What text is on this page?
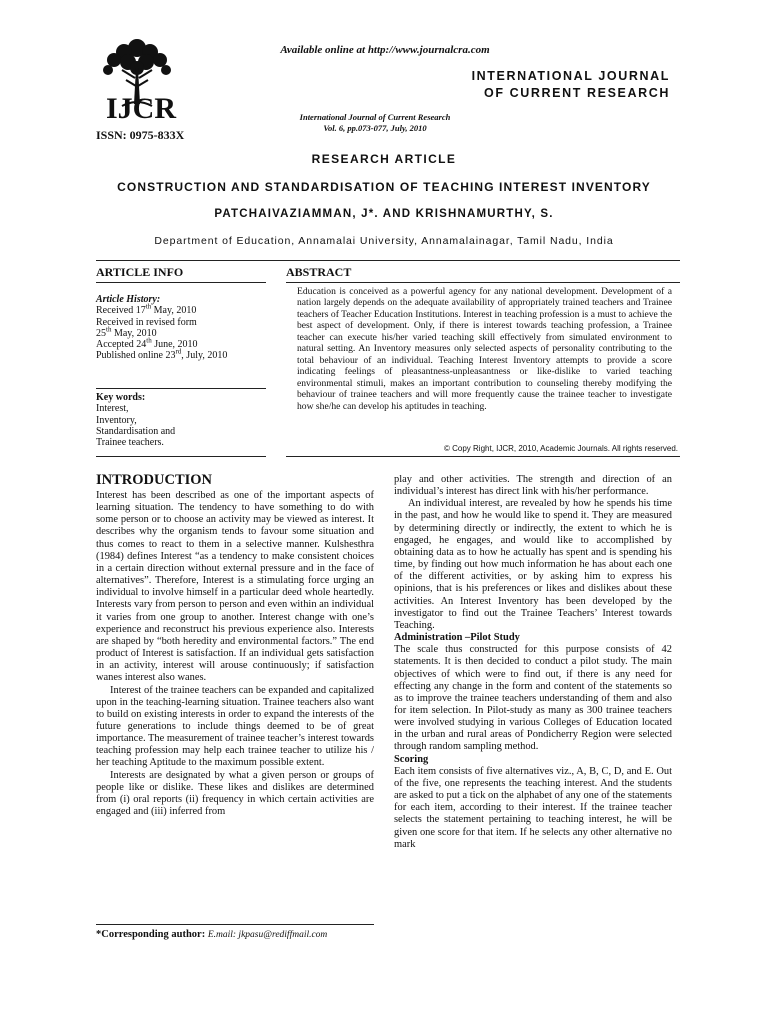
IJCR
ISSN: 0975-833X
Available online at http://www.journalcra.com
INTERNATIONAL JOURNAL
OF CURRENT RESEARCH
International Journal of Current Research
Vol. 6, pp.073-077, July, 2010
RESEARCH ARTICLE
CONSTRUCTION AND STANDARDISATION OF TEACHING INTEREST INVENTORY
PATCHAIVAZIAMMAN, J*. AND KRISHNAMURTHY, S.
Department of Education, Annamalai University, Annamalainagar, Tamil Nadu, India
ARTICLE INFO	ABSTRACT
Article History:
Received 17th May, 2010
Received in revised form
25th May, 2010
Accepted 24th June, 2010
Published online 23rd, July, 2010
Key words:
Interest,
Inventory,
Standardisation and
Trainee teachers.
Education is conceived as a powerful agency for any national development. Development of a nation largely depends on the adequate availability of appropriately trained teachers and Trainee teachers of Teacher Education Institutions. Interest in teaching profession is a must to achieve the best aspect of development. Only, if there is interest towards teaching profession, a Trainee teacher can execute his/her varied teaching skill effectively from simulated environment to natural setting. An Inventory measures only selected aspects of personality contributing to the total behaviour of an individual. Teaching Interest Inventory attempts to provide a score indicating feelings of pleasantness-unpleasantness or like-dislike to varied teaching environmental stimuli, makes an important contribution to counseling thereby modifying the behaviour of trainee teachers and will more frequently cause the trainee teacher to investigate how she/he can develop his aptitudes in teaching.
© Copy Right, IJCR, 2010, Academic Journals. All rights reserved.
INTRODUCTION

Interest has been described as one of the important aspects of learning situation. The tendency to have something to do with some person or to choose an activity may be viewed as interest. It describes why the organism tends to favour some situation and thus comes to react to them in a selective manner. Kulshesthra (1984) defines Interest “as a tendency to make consistent choices in a certain direction without external pressure and in the face of alternatives”. Therefore, Interest is a stimulating force urging an individual to involve himself in a particular deed whole heartedly. Interests vary from person to person and even within an individual it varies from one group to another. Interest change with one’s experience and reconstruct his previous experience also. Interests are shaped by “both heredity and environmental factors.” The end product of Interest is satisfaction. If an individual gets satisfaction in an activity, interest will arouse continuously; if satisfaction wanes interest also wanes.

Interest of the trainee teachers can be expanded and capitalized upon in the teaching-learning situation. Trainee teachers also want to build on existing interests in order to expand the interests of the future generations to include things deemed to be of great importance. The measurement of trainee teacher’s interest towards teaching profession may help each trainee teacher to utilize his / her teaching Aptitude to the maximum possible extent.

Interests are designated by what a given person or groups of people like or dislike. These likes and dislikes are determined from (i) oral reports (ii) frequency in which certain activities are engaged and (iii) inferred from

play and other activities. The strength and direction of an individual’s interest has direct link with his/her performance.

An individual interest, are revealed by how he spends his time in the past, and how he would like to spend it. They are measured by determining directly or indirectly, the extent to which he is engaged, he engages, and would like to accomplished by obtaining data as to how he actually has spent and is spending his time, by finding out how much information he has about each one of the different activities, or by asking him to express his opinions, that is his preferences or likes and dislikes about these activities. An Interest Inventory has been developed by the investigator to find out the Trainee Teachers’ Interest towards Teaching.

Administration –Pilot Study

The scale thus constructed for this purpose consists of 42 statements. It is then decided to conduct a pilot study. The main objectives of which were to find out, if there is any need for effecting any change in the form and content of the statements so as to improve the trainee teachers understanding of them and also for item selection. In Pilot-study as many as 300 trainee teachers were involved studying in various Colleges of Education located in the urban and rural areas of Pondicherry Region were selected through random sampling method.

Scoring

Each item consists of five alternatives viz., A, B, C, D, and E. Out of the five, one represents the teaching interest. And the students are asked to put a tick on the alphabet of any one of the statements for each item, according to their interest. If the trainee teacher selects the statement pertaining to teaching interest, he will be given one score for that item. If he selects any other alternative no mark

*Corresponding author: E.mail: jkpasu@rediffmail.com
